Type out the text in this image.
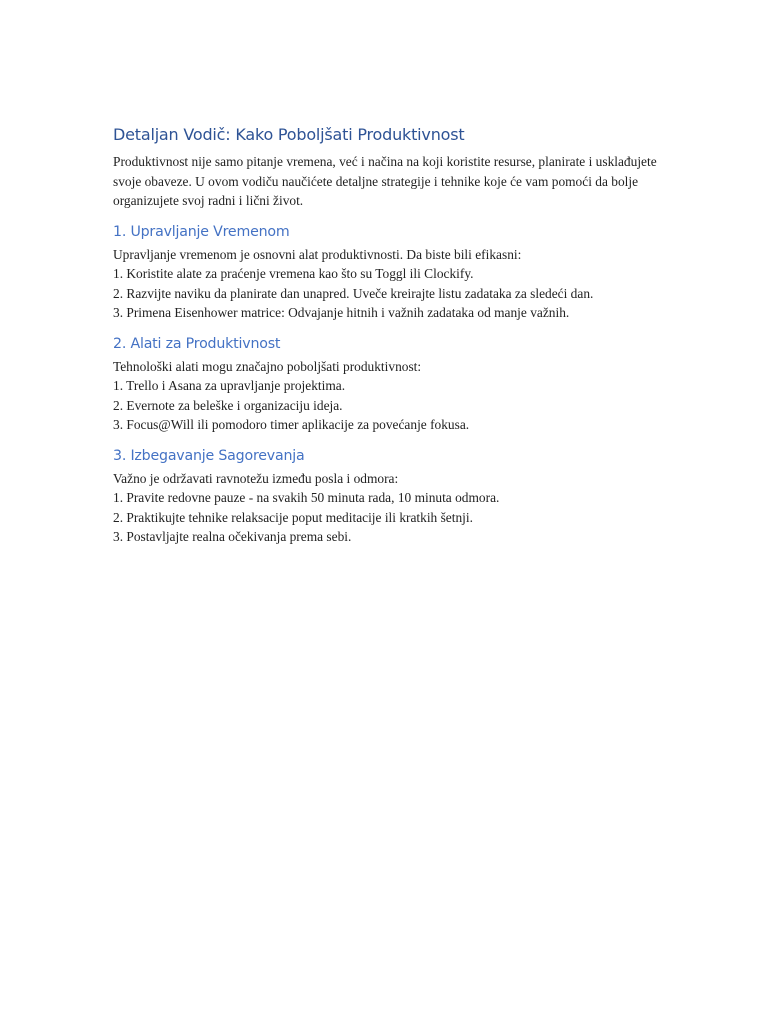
Detaljan Vodič: Kako Poboljšati Produktivnost

Produktivnost nije samo pitanje vremena, već i načina na koji koristite resurse, planirate i usklađujete svoje obaveze. U ovom vodiču naučićete detaljne strategije i tehnike koje će vam pomoći da bolje organizujete svoj radni i lični život.

1. Upravljanje Vremenom
Upravljanje vremenom je osnovni alat produktivnosti. Da biste bili efikasni:
1. Koristite alate za praćenje vremena kao što su Toggl ili Clockify.
2. Razvijte naviku da planirate dan unapred. Uveče kreirajte listu zadataka za sledeći dan.
3. Primena Eisenhower matrice: Odvajanje hitnih i važnih zadataka od manje važnih.
2. Alati za Produktivnost
Tehnološki alati mogu značajno poboljšati produktivnost:
1. Trello i Asana za upravljanje projektima.
2. Evernote za beleške i organizaciju ideja.
3. Focus@Will ili pomodoro timer aplikacije za povećanje fokusa.
3. Izbegavanje Sagorevanja
Važno je održavati ravnotežu između posla i odmora:
1. Pravite redovne pauze - na svakih 50 minuta rada, 10 minuta odmora.
2. Praktikujte tehnike relaksacije poput meditacije ili kratkih šetnji.
3. Postavljajte realna očekivanja prema sebi.
